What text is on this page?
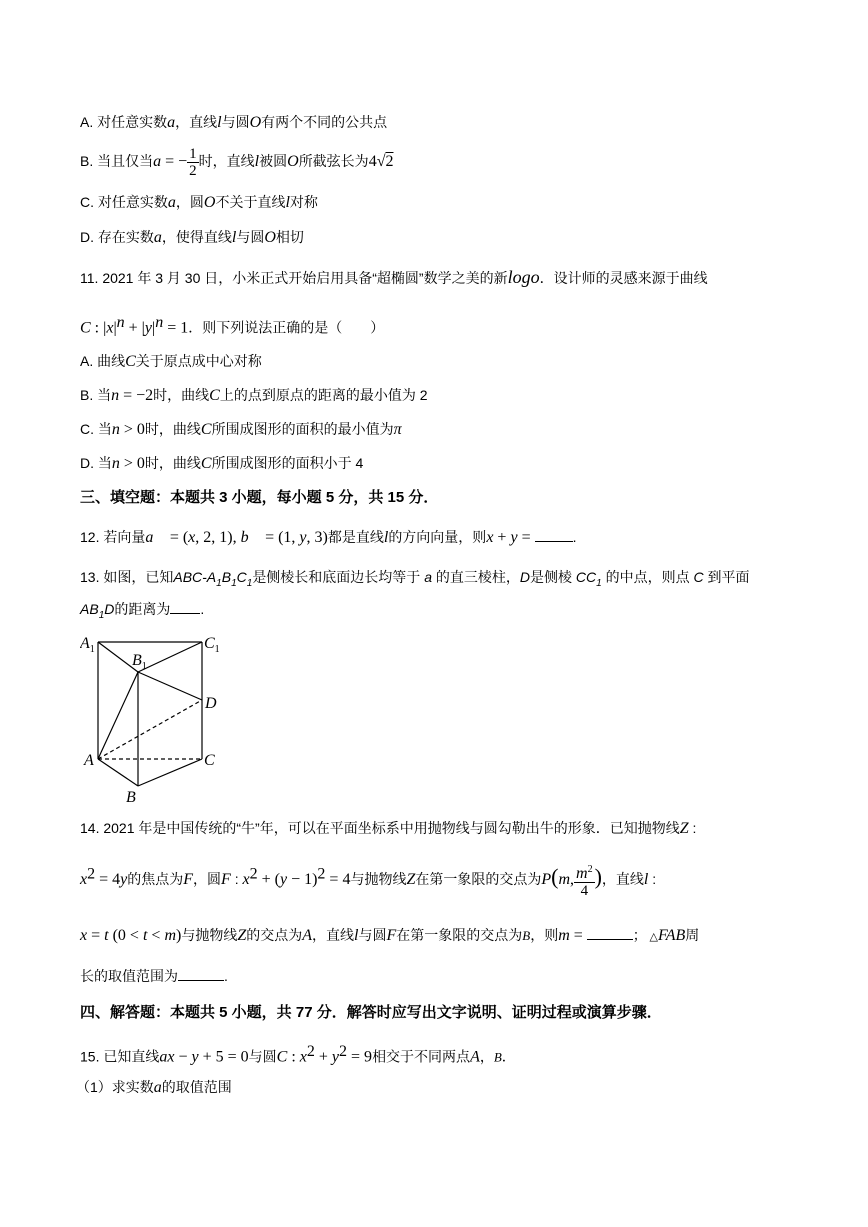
A. 对任意实数a，直线l与圆O有两个不同的公共点
B. 当且仅当a = − $\frac{1}{2}$ 时，直线l被圆O所截弦长为4√2
C. 对任意实数a，圆O不关于直线l对称
D. 存在实数a，使得直线l与圆O相切
11. 2021 年 3 月 30 日，小米正式开始启用具备“超椭圆”数学之美的新logo．设计师的灵感来源于曲线
C : $|x|^n + |y|^n = 1$．则下列说法正确的是（　　）
A. 曲线C关于原点成中心对称
B. 当n = −2时，曲线C上的点到原点的距离的最小值为 2
C. 当n > 0时，曲线C所围成图形的面积的最小值为π
D. 当n > 0时，曲线C所围成图形的面积小于 4
三、填空题：本题共 3 小题，每小题 5 分，共 15 分．
12. 若向量a⃗ = (x, 2, 1), b⃗ = (1, y, 3)都是直线l的方向向量，则x + y =	.
13. 如图，已知ABC-$A_1B_1C_1$是侧棱长和底面边长均等于 a 的直三棱柱，D是侧棱 $CC_1$ 的中点，则点 C 到平面
$AB_1D$的距离为 .
$A_1$
$B_1$
$C_1$
D
A	C
B
14. 2021 年是中国传统的“牛”年，可以在平面坐标系中用抛物线与圆勾勒出牛的形象．已知抛物线Z :
$x^2 = 4y$的焦点为F，圆F : $x^2 + (y - 1)^2 = 4$与抛物线Z在第一象限的交点为P(m, $\frac{m^2}{4}$ )，直线l :
x = t (0 < t < m)与抛物线Z的交点为A，直线l与圆F在第一象限的交点为B，则m =	； △FAB周
长的取值范围为	.
四、解答题：本题共 5 小题，共 77 分．解答时应写出文字说明、证明过程或演算步骤．
15. 已知直线ax − y + 5 = 0与圆C : $x^2 + y^2 = 9$相交于不同两点A，B．
（1）求实数a的取值范围
